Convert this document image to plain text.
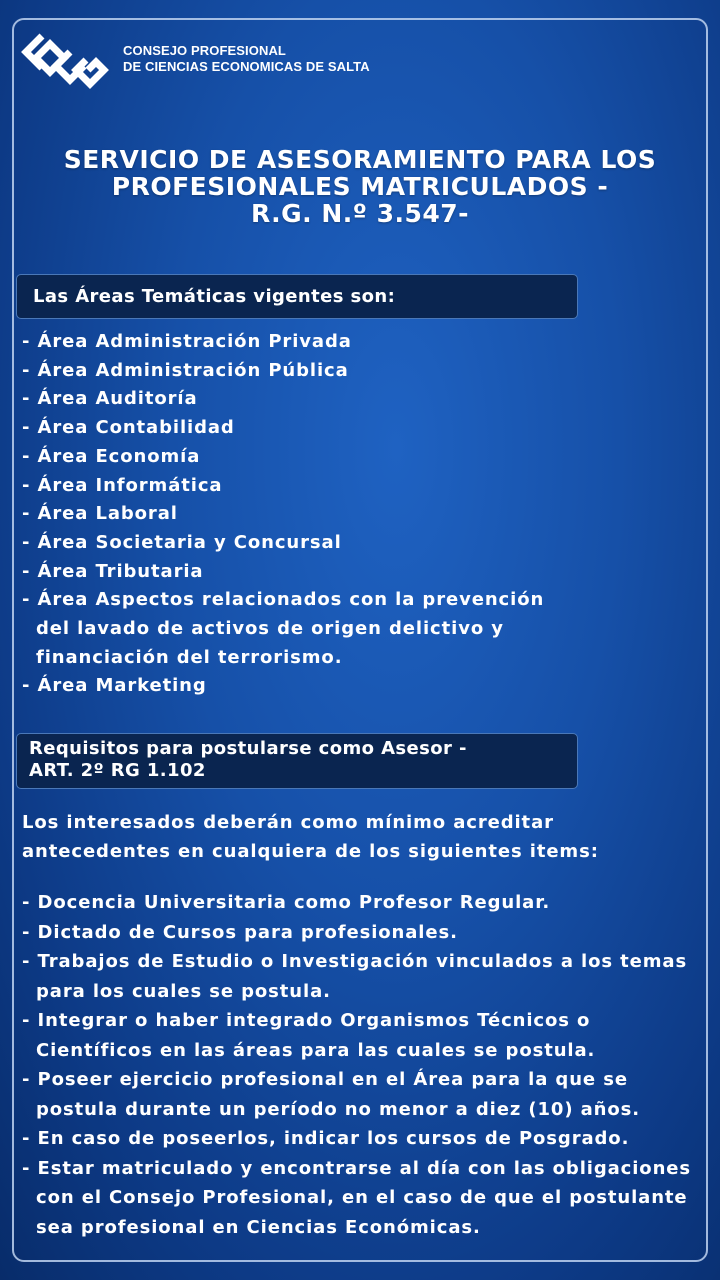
CONSEJO PROFESIONAL
DE CIENCIAS ECONOMICAS DE SALTA
SERVICIO DE ASESORAMIENTO PARA LOS
PROFESIONALES MATRICULADOS -
R.G. N.º 3.547-
Las Áreas Temáticas vigentes son:
- Área Administración Privada
- Área Administración Pública
- Área Auditoría
- Área Contabilidad
- Área Economía
- Área Informática
- Área Laboral
- Área Societaria y Concursal
- Área Tributaria
- Área Aspectos relacionados con la prevención
del lavado de activos de origen delictivo y
financiación del terrorismo.
- Área Marketing
Requisitos para postularse como Asesor -
ART. 2º RG 1.102
Los interesados deberán como mínimo acreditar
antecedentes en cualquiera de los siguientes items:
- Docencia Universitaria como Profesor Regular.
- Dictado de Cursos para profesionales.
- Trabajos de Estudio o Investigación vinculados a los temas
para los cuales se postula.
- Integrar o haber integrado Organismos Técnicos o
Científicos en las áreas para las cuales se postula.
- Poseer ejercicio profesional en el Área para la que se
postula durante un período no menor a diez (10) años.
- En caso de poseerlos, indicar los cursos de Posgrado.
- Estar matriculado y encontrarse al día con las obligaciones
con el Consejo Profesional, en el caso de que el postulante
sea profesional en Ciencias Económicas.
